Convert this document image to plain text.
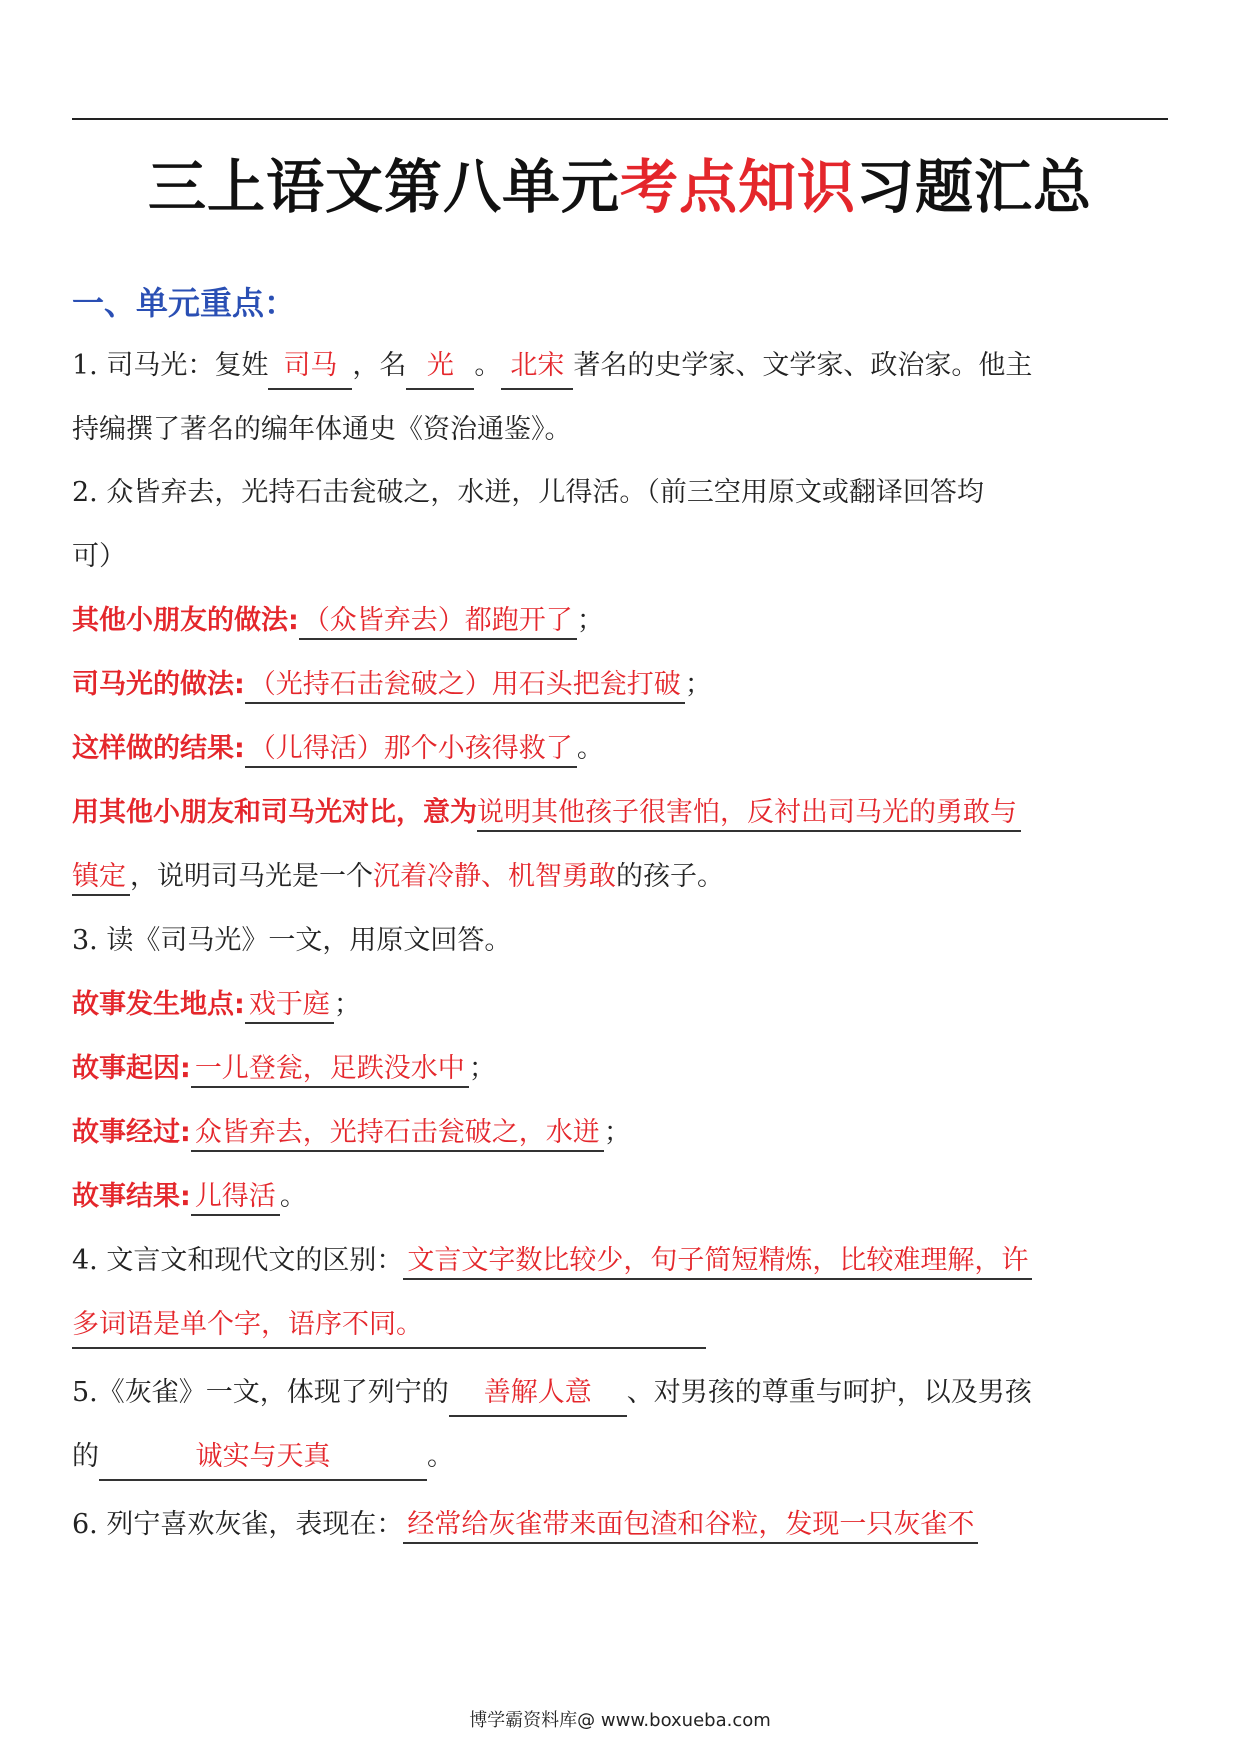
三上语文第八单元考点知识习题汇总
一、单元重点：
1. 司马光：复姓 司马 ，名 光 。 北宋 著名的史学家、文学家、政治家。他主
持编撰了著名的编年体通史《资治通鉴》。
2. 众皆弃去，光持石击瓮破之，水迸，儿得活。（前三空用原文或翻译回答均
可）
其他小朋友的做法: （众皆弃去）都跑开了 ；
司马光的做法: （光持石击瓮破之）用石头把瓮打破 ；
这样做的结果: （儿得活）那个小孩得救了 。
用其他小朋友和司马光对比，意为说明其他孩子很害怕，反衬出司马光的勇敢与
镇定 ，说明司马光是一个沉着冷静、机智勇敢的孩子。
3. 读《司马光》一文，用原文回答。
故事发生地点: 戏于庭 ；
故事起因: 一儿登瓮，足跌没水中 ；
故事经过: 众皆弃去，光持石击瓮破之，水迸 ；
故事结果: 儿得活 。
4. 文言文和现代文的区别： 文言文字数比较少，句子简短精炼，比较难理解，许
多词语是单个字，语序不同。
5.《灰雀》一文，体现了列宁的 善解人意 、对男孩的尊重与呵护，以及男孩
的	诚实与天真	。
6. 列宁喜欢灰雀，表现在： 经常给灰雀带来面包渣和谷粒，发现一只灰雀不
博学霸资料库@ www.boxueba.com
